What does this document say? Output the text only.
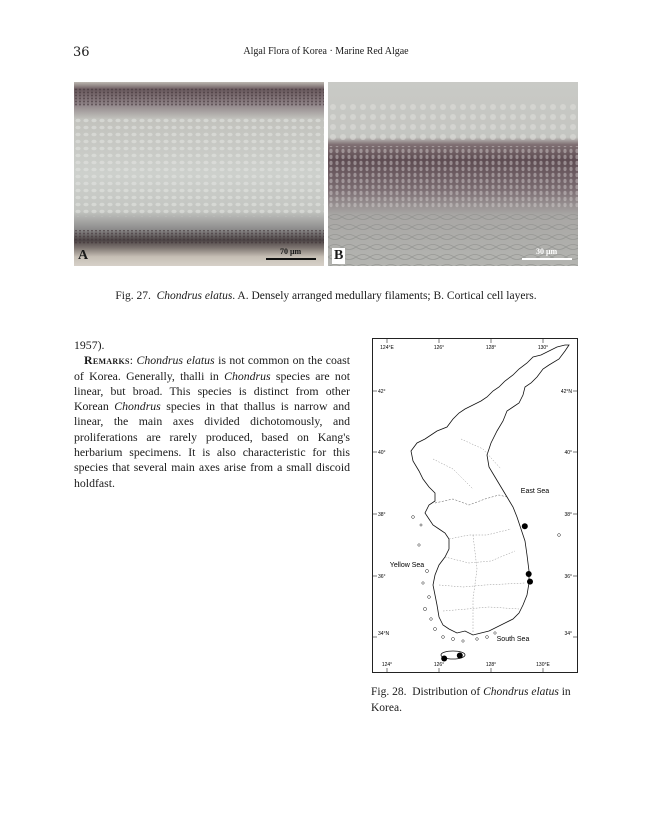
36	Algal Flora of Korea · Marine Red Algae
A	70 μm B	30 μm
Fig. 27. Chondrus elatus. A. Densely arranged medullary filaments; B. Cortical cell layers.

1957).

Remarks: Chondrus elatus is not common on the coast of Korea. Generally, thalli in Chondrus species are not linear, but broad. This species is distinct from other Korean Chondrus species in that thallus is narrow and linear, the main axes divided dichotomously, and proliferations are rarely produced, based on Kang's herbarium specimens. It is also characteristic for this species that several main axes arise from a small discoid holdfast.

124°E	126°	128°	130°
124°	126°	128°	130°E
42°
40°
38°
36°
34°N
42°N
40°
38°
36°
34°
East Sea
Yellow Sea
South Sea
Fig. 28. Distribution of Chondrus elatus in Korea.
